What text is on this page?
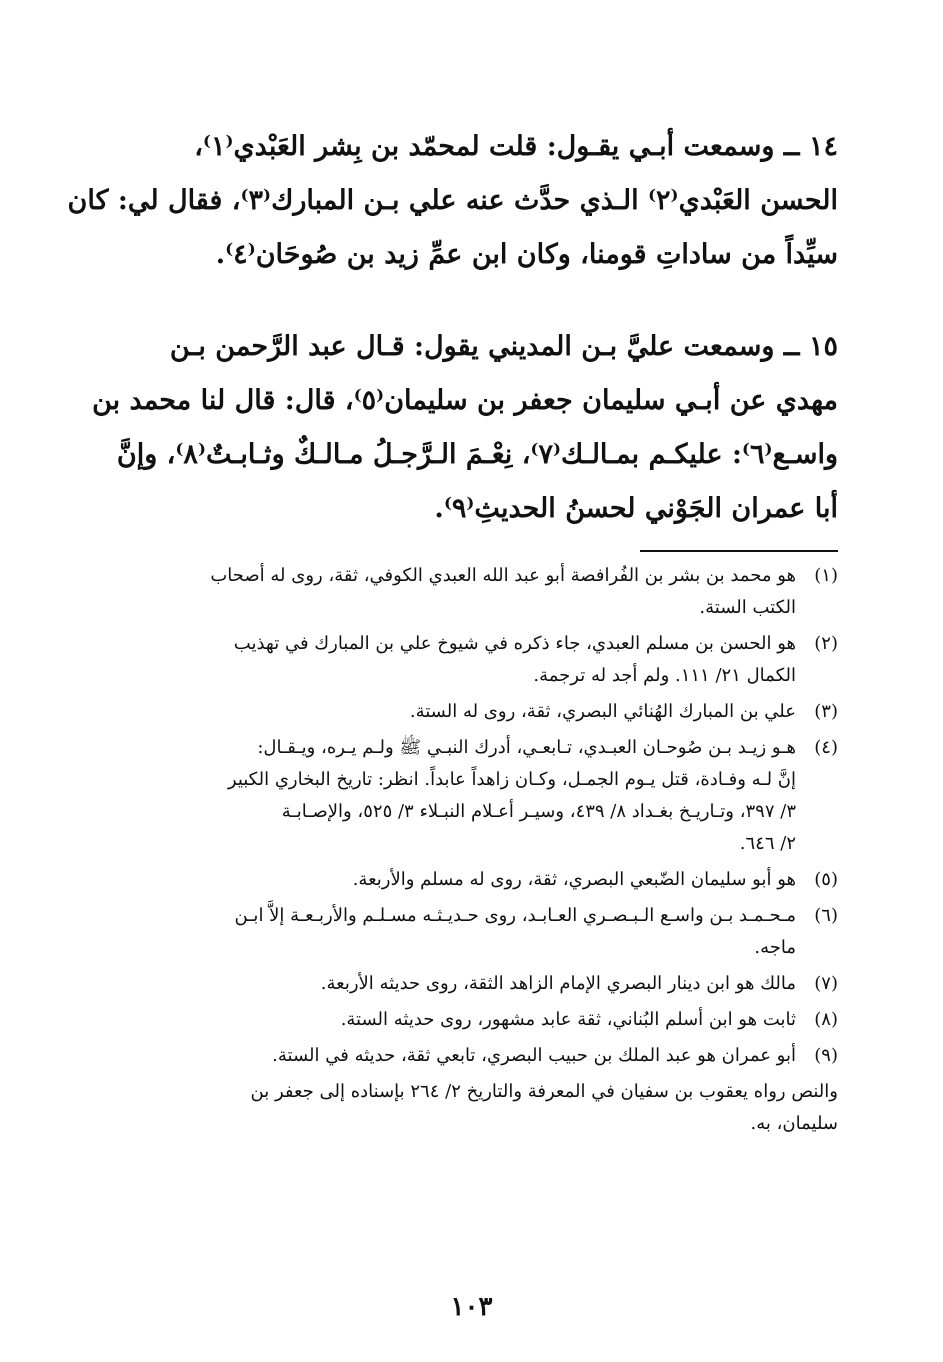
١٤ ــ وسمعت أبـي يقـول: قلت لمحمّد بن بِشر العَبْدي⁽١⁾،
الحسن العَبْدي⁽٢⁾ الـذي حدَّث عنه علي بـن المبارك⁽٣⁾، فقال لي: كان
سيِّداً من ساداتِ قومنا، وكان ابن عمِّ زيد بن صُوحَان⁽٤⁾.
١٥ ــ وسمعت عليَّ بـن المديني يقول: قـال عبد الرَّحمن بـن
مهدي عن أبـي سليمان جعفر بن سليمان⁽٥⁾، قال: قال لنا محمد بن
واسـع⁽٦⁾: عليكـم بمـالـك⁽٧⁾، نِعْـمَ الـرَّجـلُ مـالـكٌ وثـابـتٌ⁽٨⁾، وإنَّ
أبا عمران الجَوْني لحسنُ الحديثِ⁽٩⁾.
(١)
هو محمد بن بشر بن الفُرافصة أبو عبد الله العبدي الكوفي، ثقة، روى له أصحاب
الكتب الستة.
(٢)
هو الحسن بن مسلم العبدي، جاء ذكره في شيوخ علي بن المبارك في تهذيب
الكمال ٢١/ ١١١. ولم أجد له ترجمة.
(٣)
علي بن المبارك الهُنائي البصري، ثقة، روى له الستة.
(٤)
هـو زيـد بـن صُوحـان العبـدي، تـابعـي، أدرك النبـي ﷺ ولـم يـره، ويـقـال:
إنَّ لـه وفـادة، قتل يـوم الجمـل، وكـان زاهداً عابداً. انظر: تاريخ البخاري الكبير
٣/ ٣٩٧، وتـاريـخ بغـداد ٨/ ٤٣٩، وسيـر أعـلام النبـلاء ٣/ ٥٢٥، والإصـابـة
٢/ ٦٤٦.
(٥)
هو أبو سليمان الضّبعي البصري، ثقة، روى له مسلم والأربعة.
(٦)
مـحـمـد بـن واسـع الـبـصـري العـابـد، روى حـديـثـه مسـلـم والأربـعـة إلاَّ ابـن
ماجه.
(٧)
مالك هو ابن دينار البصري الإمام الزاهد الثقة، روى حديثه الأربعة.
(٨)
ثابت هو ابن أسلم البُناني، ثقة عابد مشهور، روى حديثه الستة.
(٩)
أبو عمران هو عبد الملك بن حبيب البصري، تابعي ثقة، حديثه في الستة.
والنص رواه يعقوب بن سفيان في المعرفة والتاريخ ٢/ ٢٦٤ بإسناده إلى جعفر بن
سليمان، به.
١٠٣
